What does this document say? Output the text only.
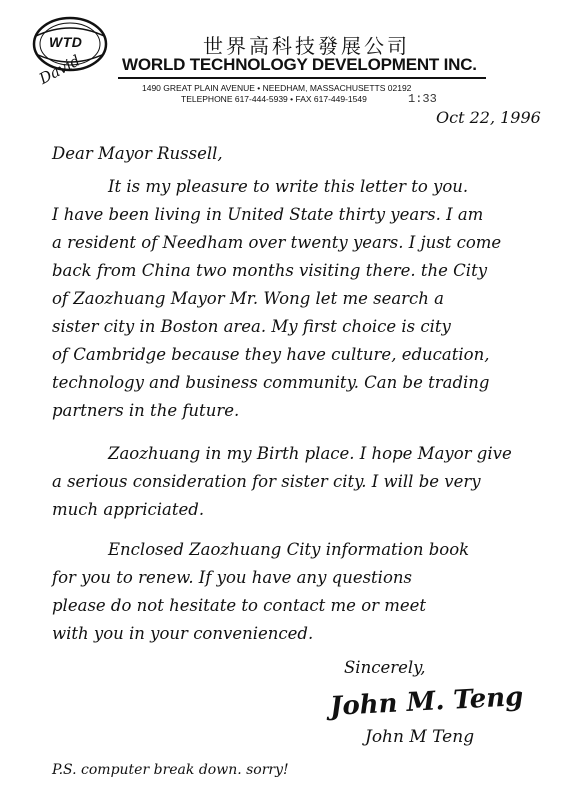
WTD
David
世界高科技發展公司
WORLD TECHNOLOGY DEVELOPMENT INC.
1490 GREAT PLAIN AVENUE • NEEDHAM, MASSACHUSETTS 02192
TELEPHONE 617-444-5939 • FAX 617-449-1549	1:33
Oct 22, 1996
Dear Mayor Russell,
It is my pleasure to write this letter to you.
I have been living in United State thirty years. I am
a resident of Needham over twenty years. I just come
back from China two months visiting there. the City
of Zaozhuang Mayor Mr. Wong let me search a
sister city in Boston area. My first choice is city
of Cambridge because they have culture, education,
technology and business community. Can be trading
partners in the future.
Zaozhuang in my Birth place. I hope Mayor give
a serious consideration for sister city. I will be very
much appriciated.
Enclosed Zaozhuang City information book
for you to renew. If you have any questions
please do not hesitate to contact me or meet
with you in your convenienced.
Sincerely,
John M. Teng
John M Teng
P.S. computer break down. sorry!
